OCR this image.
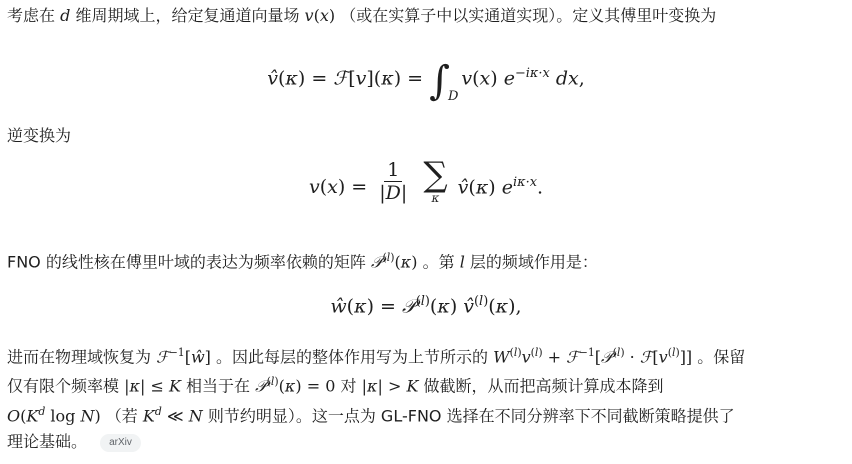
考虑在 d 维周期域上，给定复通道向量场 v(x) （或在实算子中以实通道实现）。定义其傅里叶变换为
v̂(κ) = ℱ[v](κ) = $\int_Dv(x)$ $e^{-i\kappa\cdot x}$ dx,
逆变换为
$v(x) = \frac{1}{|D|}$
∑
κ v̂(κ) $e^{i\kappa\cdot x}$.
FNO 的线性核在傅里叶域的表达为频率依赖的矩阵 𝒫$^{(l)}$(κ) 。第 l 层的频域作用是：
ŵ(κ) = 𝒫$^{(l)}$(κ) v̂$^{(l)}$(κ),
进而在物理域恢复为 ℱ$^{-1}$[ŵ] 。因此每层的整体作用写为上节所示的 $W^{(l)}v^{(l)}$ + ℱ$^{-1}$[𝒫$^{(l)}$ · $ℱ[v^{(l)}]$] 。保留
仅有限个频率模 |κ| ≤ K 相当于在 𝒫$^{(l)}$(κ) = 0 对 |κ| > K 做截断，从而把高频计算成本降到
$O(K^d$ log N) （若 $K^d$ ≪ N 则节约明显）。这一点为 GL-FNO 选择在不同分辨率下不同截断策略提供了
理论基础。 arXiv
